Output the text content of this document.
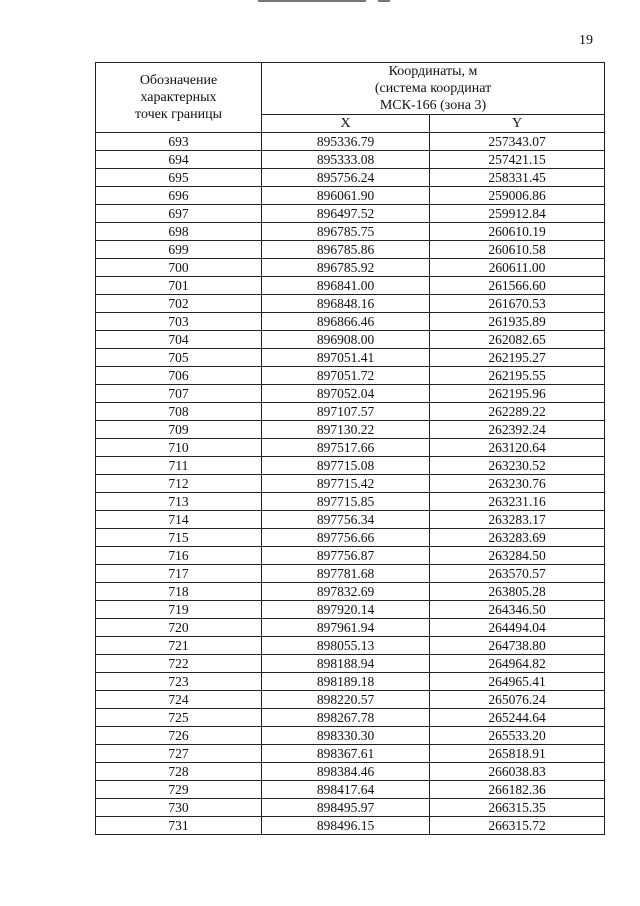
19
Обозначение
характерных
точек границы	Координаты, м
(система координат
МСК-166 (зона 3)	

	X	Y
693	895336.79	257343.07
694	895333.08	257421.15
695	895756.24	258331.45
696	896061.90	259006.86
697	896497.52	259912.84
698	896785.75	260610.19
699	896785.86	260610.58
700	896785.92	260611.00
701	896841.00	261566.60
702	896848.16	261670.53
703	896866.46	261935.89
704	896908.00	262082.65
705	897051.41	262195.27
706	897051.72	262195.55
707	897052.04	262195.96
708	897107.57	262289.22
709	897130.22	262392.24
710	897517.66	263120.64
711	897715.08	263230.52
712	897715.42	263230.76
713	897715.85	263231.16
714	897756.34	263283.17
715	897756.66	263283.69
716	897756.87	263284.50
717	897781.68	263570.57
718	897832.69	263805.28
719	897920.14	264346.50
720	897961.94	264494.04
721	898055.13	264738.80
722	898188.94	264964.82
723	898189.18	264965.41
724	898220.57	265076.24
725	898267.78	265244.64
726	898330.30	265533.20
727	898367.61	265818.91
728	898384.46	266038.83
729	898417.64	266182.36
730	898495.97	266315.35
731	898496.15	266315.72
